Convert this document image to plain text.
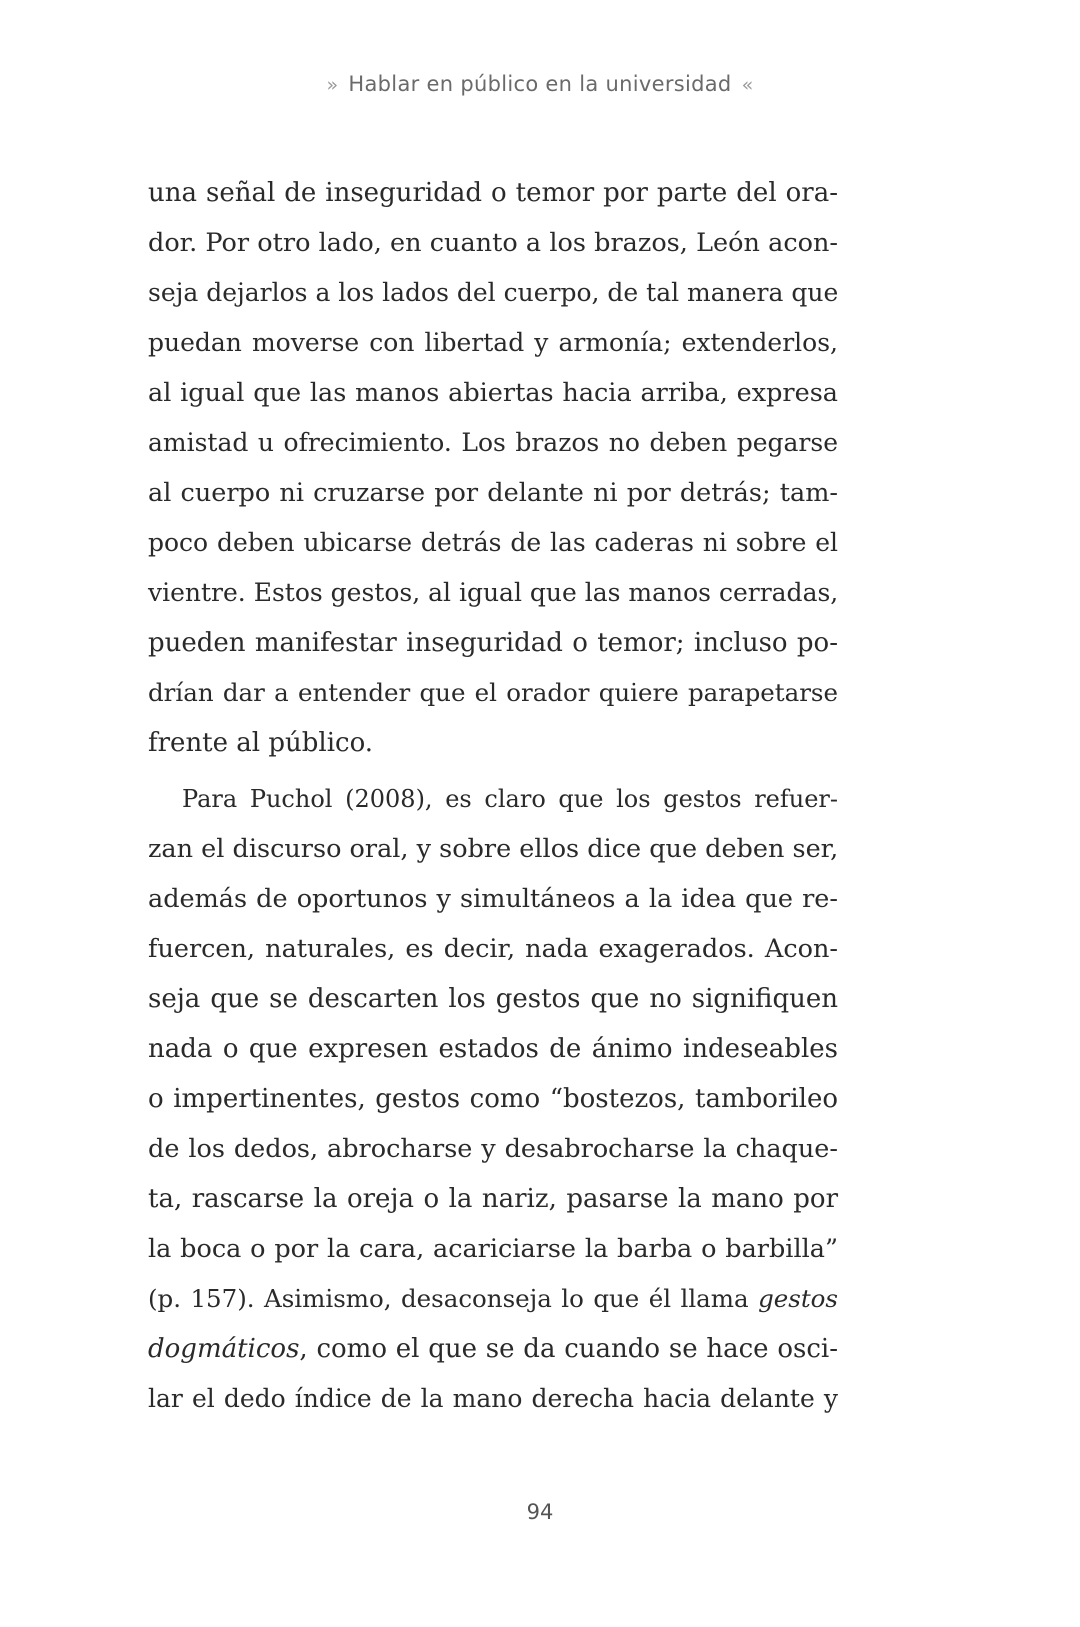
» Hablar en público en la universidad «
una señal de inseguridad o temor por parte del ora-
dor. Por otro lado, en cuanto a los brazos, León acon-
seja dejarlos a los lados del cuerpo, de tal manera que
puedan moverse con libertad y armonía; extenderlos,
al igual que las manos abiertas hacia arriba, expresa
amistad u ofrecimiento. Los brazos no deben pegarse
al cuerpo ni cruzarse por delante ni por detrás; tam-
poco deben ubicarse detrás de las caderas ni sobre el
vientre. Estos gestos, al igual que las manos cerradas,
pueden manifestar inseguridad o temor; incluso po-
drían dar a entender que el orador quiere parapetarse
frente al público.
Para Puchol (2008), es claro que los gestos refuer-
zan el discurso oral, y sobre ellos dice que deben ser,
además de oportunos y simultáneos a la idea que re-
fuercen, naturales, es decir, nada exagerados. Acon-
seja que se descarten los gestos que no signifiquen
nada o que expresen estados de ánimo indeseables
o impertinentes, gestos como “bostezos, tamborileo
de los dedos, abrocharse y desabrocharse la chaque-
ta, rascarse la oreja o la nariz, pasarse la mano por
la boca o por la cara, acariciarse la barba o barbilla”
(p. 157). Asimismo, desaconseja lo que él llama gestos
dogmáticos, como el que se da cuando se hace osci-
lar el dedo índice de la mano derecha hacia delante y
94
